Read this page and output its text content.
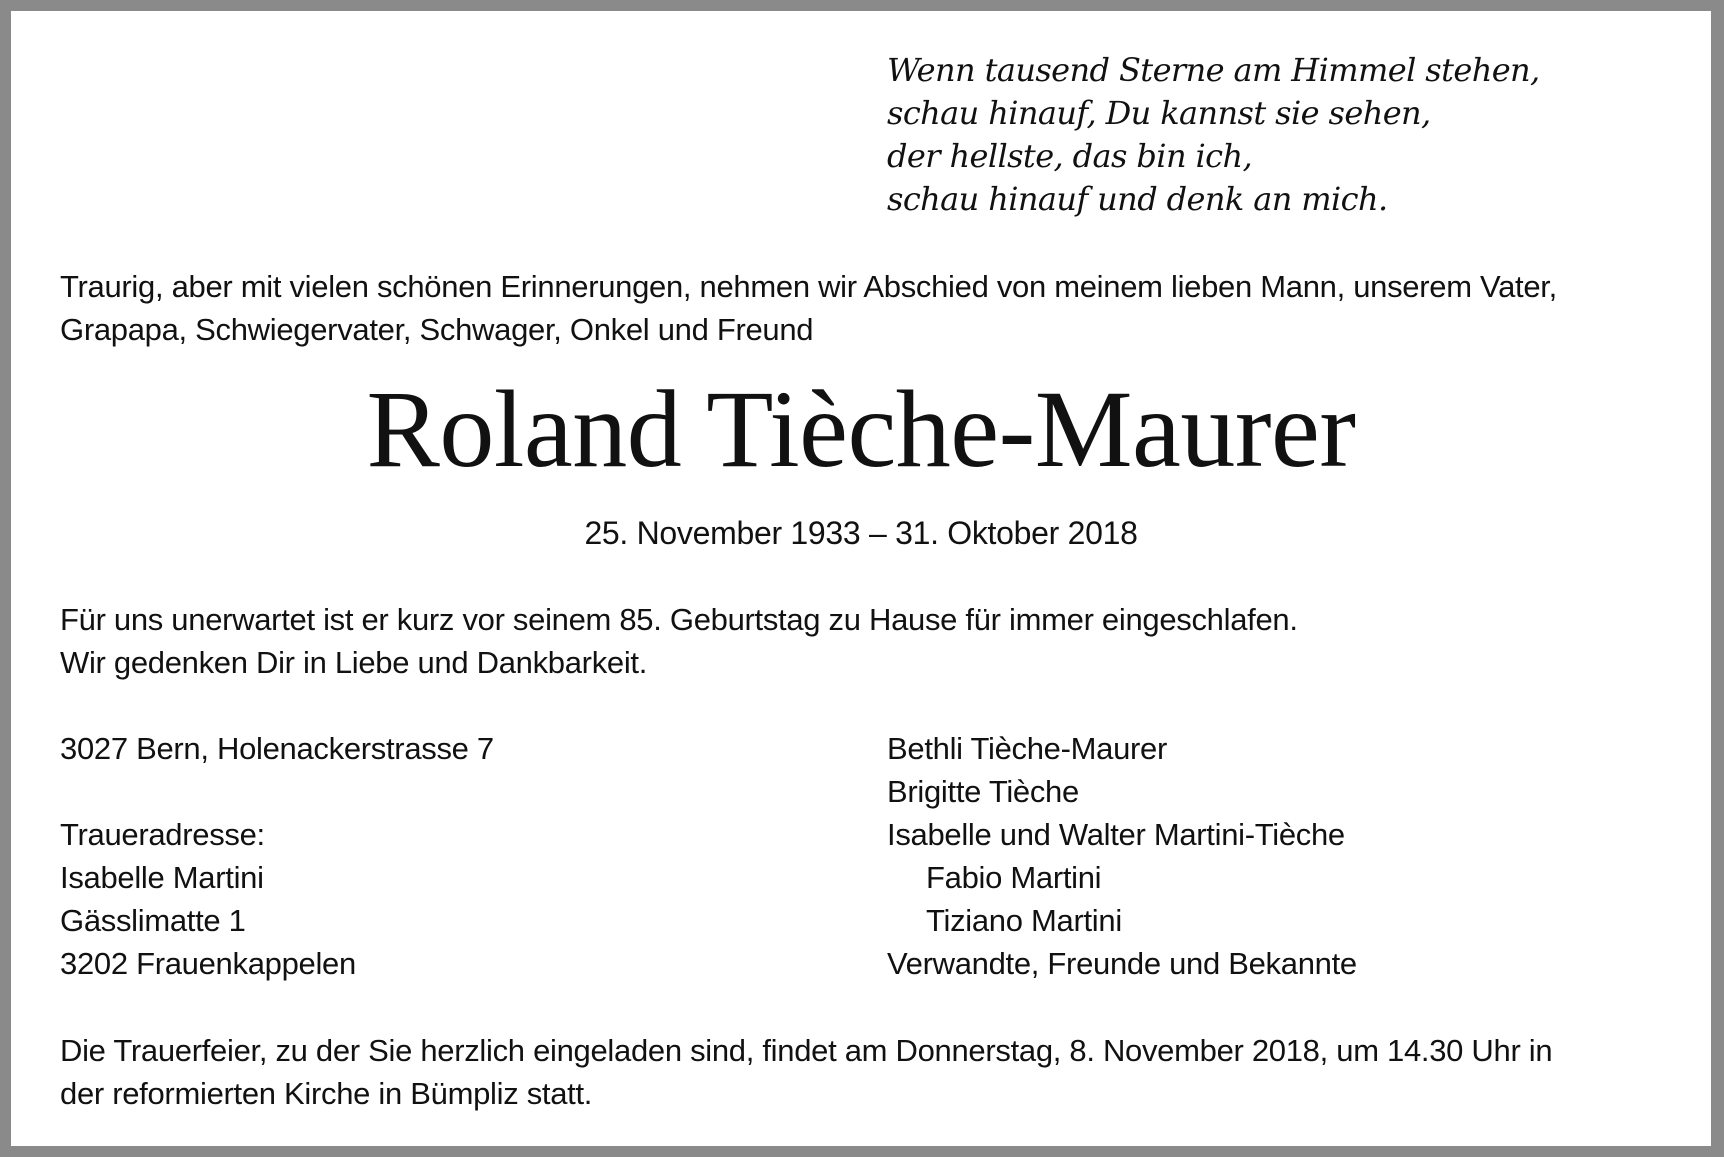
Wenn tausend Sterne am Himmel stehen,
schau hinauf, Du kannst sie sehen,
der hellste, das bin ich,
schau hinauf und denk an mich.
Traurig, aber mit vielen schönen Erinnerungen, nehmen wir Abschied von meinem lieben Mann, unserem Vater,
Grapapa, Schwiegervater, Schwager, Onkel und Freund
Roland Tièche-Maurer
25. November 1933 – 31. Oktober 2018
Für uns unerwartet ist er kurz vor seinem 85. Geburtstag zu Hause für immer eingeschlafen.
Wir gedenken Dir in Liebe und Dankbarkeit.
3027 Bern, Holenackerstrasse 7
Traueradresse:
Isabelle Martini
Gässlimatte 1
3202 Frauenkappelen
Bethli Tièche-Maurer
Brigitte Tièche
Isabelle und Walter Martini-Tièche
Fabio Martini
Tiziano Martini
Verwandte, Freunde und Bekannte
Die Trauerfeier, zu der Sie herzlich eingeladen sind, findet am Donnerstag, 8. November 2018, um 14.30 Uhr in
der reformierten Kirche in Bümpliz statt.
